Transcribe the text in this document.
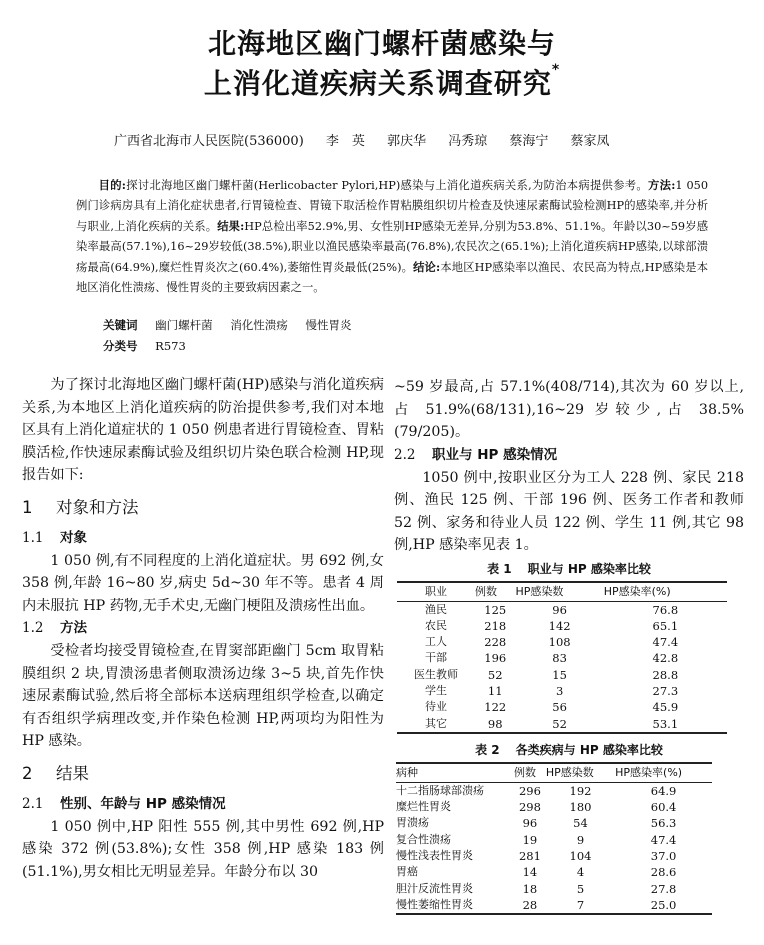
北海地区幽门螺杆菌感染与
上消化道疾病关系调查研究*
广西省北海市人民医院(536000) 李　英 郭庆华 冯秀琼 蔡海宁 蔡家凤
目的:探讨北海地区幽门螺杆菌(Herlicobacter Pylori,HP)感染与上消化道疾病关系,为防治本病提供参考。方法:1 050 例门诊病房具有上消化症状患者,行胃镜检查、胃镜下取活检作胃粘膜组织切片检查及快速尿素酶试验检测HP的感染率,并分析与职业,上消化疾病的关系。结果:HP总检出率52.9%,男、女性别HP感染无差异,分别为53.8%、51.1%。年龄以30~59岁感染率最高(57.1%),16~29岁较低(38.5%),职业以渔民感染率最高(76.8%),农民次之(65.1%);上消化道疾病HP感染,以球部溃疡最高(64.9%),糜烂性胃炎次之(60.4%),萎缩性胃炎最低(25%)。结论:本地区HP感染率以渔民、农民高为特点,HP感染是本地区消化性溃疡、慢性胃炎的主要致病因素之一。
关键词 幽门螺杆菌 消化性溃疡 慢性胃炎
分类号 R573

为了探讨北海地区幽门螺杆菌(HP)感染与消化道疾病关系,为本地区上消化道疾病的防治提供参考,我们对本地区具有上消化道症状的 1 050 例患者进行胃镜检查、胃粘膜活检,作快速尿素酶试验及组织切片染色联合检测 HP,现报告如下:

1 对象和方法
1.1 对象

1 050 例,有不同程度的上消化道症状。男 692 例,女 358 例,年龄 16~80 岁,病史 5d~30 年不等。患者 4 周内未服抗 HP 药物,无手术史,无幽门梗阻及溃疡性出血。

1.2 方法

受检者均接受胃镜检查,在胃窦部距幽门 5cm 取胃粘膜组织 2 块,胃溃汤患者侧取溃汤边缘 3~5 块,首先作快速尿素酶试验,然后将全部标本送病理组织学检查,以确定有否组织学病理改变,并作染色检测 HP,两项均为阳性为 HP 感染。

2 结果
2.1 性别、年龄与 HP 感染情况

1 050 例中,HP 阳性 555 例,其中男性 692 例,HP 感染 372 例(53.8%);女性 358 例,HP 感染 183 例(51.1%),男女相比无明显差异。年龄分布以 30

~59 岁最高,占 57.1%(408/714),其次为 60 岁以上,占 51.9%(68/131),16~29 岁较少,占 38.5%(79/205)。

2.2 职业与 HP 感染情况

1050 例中,按职业区分为工人 228 例、家民 218 例、渔民 125 例、干部 196 例、医务工作者和教师 52 例、家务和待业人员 122 例、学生 11 例,其它 98 例,HP 感染率见表 1。

表 1 职业与 HP 感染率比较
职业	例数	HP感染数	HP感染率(%)
渔民	125	96	76.8
农民	218	142	65.1
工人	228	108	47.4
干部	196	83	42.8
医生教师	52	15	28.8
学生	11	3	27.3
待业	122	56	45.9
其它	98	52	53.1
表 2 各类疾病与 HP 感染率比较
病种	例数	HP感染数	HP感染率(%)
十二指肠球部溃疡	296	192	64.9
糜烂性胃炎	298	180	60.4
胃溃疡	96	54	56.3
复合性溃疡	19	9	47.4
慢性浅表性胃炎	281	104	37.0
胃癌	14	4	28.6
胆汁反流性胃炎	18	5	27.8
慢性萎缩性胃炎	28	7	25.0
